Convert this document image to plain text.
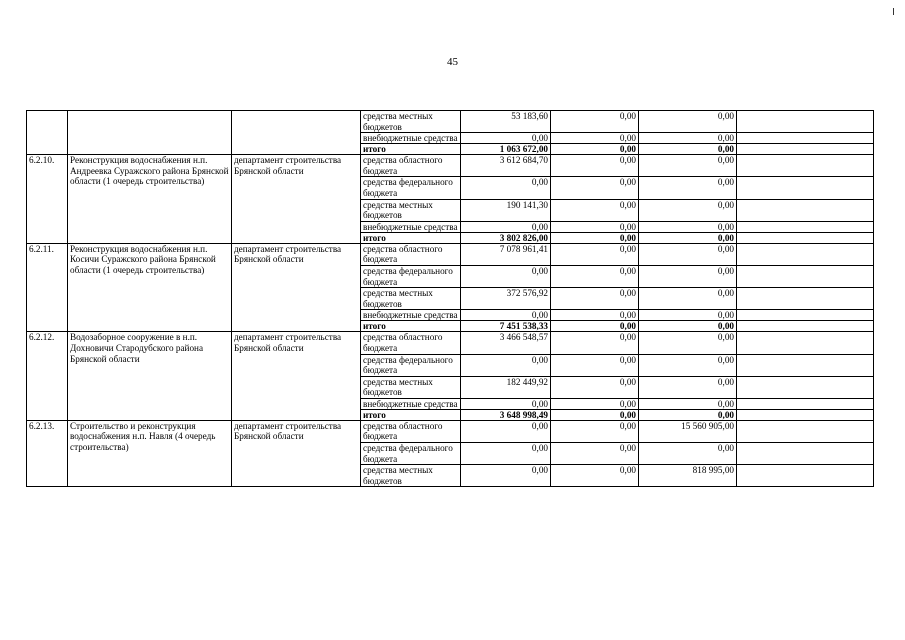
45
			средства местных бюджетов	53 183,60	0,00	0,00	
			внебюджетные средства	0,00	0,00	0,00	
			итого	1 063 672,00	0,00	0,00	
6.2.10.	Реконструкция водоснабжения н.п. Андреевка Суражского района Брянской области (1 очередь строительства)	департамент строительства Брянской области	средства областного бюджета	3 612 684,70	0,00	0,00	
			средства федерального бюджета	0,00	0,00	0,00	
			средства местных бюджетов	190 141,30	0,00	0,00	
			внебюджетные средства	0,00	0,00	0,00	
			итого	3 802 826,00	0,00	0,00	
6.2.11.	Реконструкция водоснабжения н.п. Косичи Суражского района Брянской области (1 очередь строительства)	департамент строительства Брянской области	средства областного бюджета	7 078 961,41	0,00	0,00	
			средства федерального бюджета	0,00	0,00	0,00	
			средства местных бюджетов	372 576,92	0,00	0,00	
			внебюджетные средства	0,00	0,00	0,00	
			итого	7 451 538,33	0,00	0,00	
6.2.12.	Водозаборное сооружение в н.п. Дохновичи Стародубского района Брянской области	департамент строительства Брянской области	средства областного бюджета	3 466 548,57	0,00	0,00	
			средства федерального бюджета	0,00	0,00	0,00	
			средства местных бюджетов	182 449,92	0,00	0,00	
			внебюджетные средства	0,00	0,00	0,00	
			итого	3 648 998,49	0,00	0,00	
6.2.13.	Строительство и реконструкция водоснабжения н.п. Навля (4 очередь строительства)	департамент строительства Брянской области	средства областного бюджета	0,00	0,00	15 560 905,00	
			средства федерального бюджета	0,00	0,00	0,00	
			средства местных бюджетов	0,00	0,00	818 995,00	
